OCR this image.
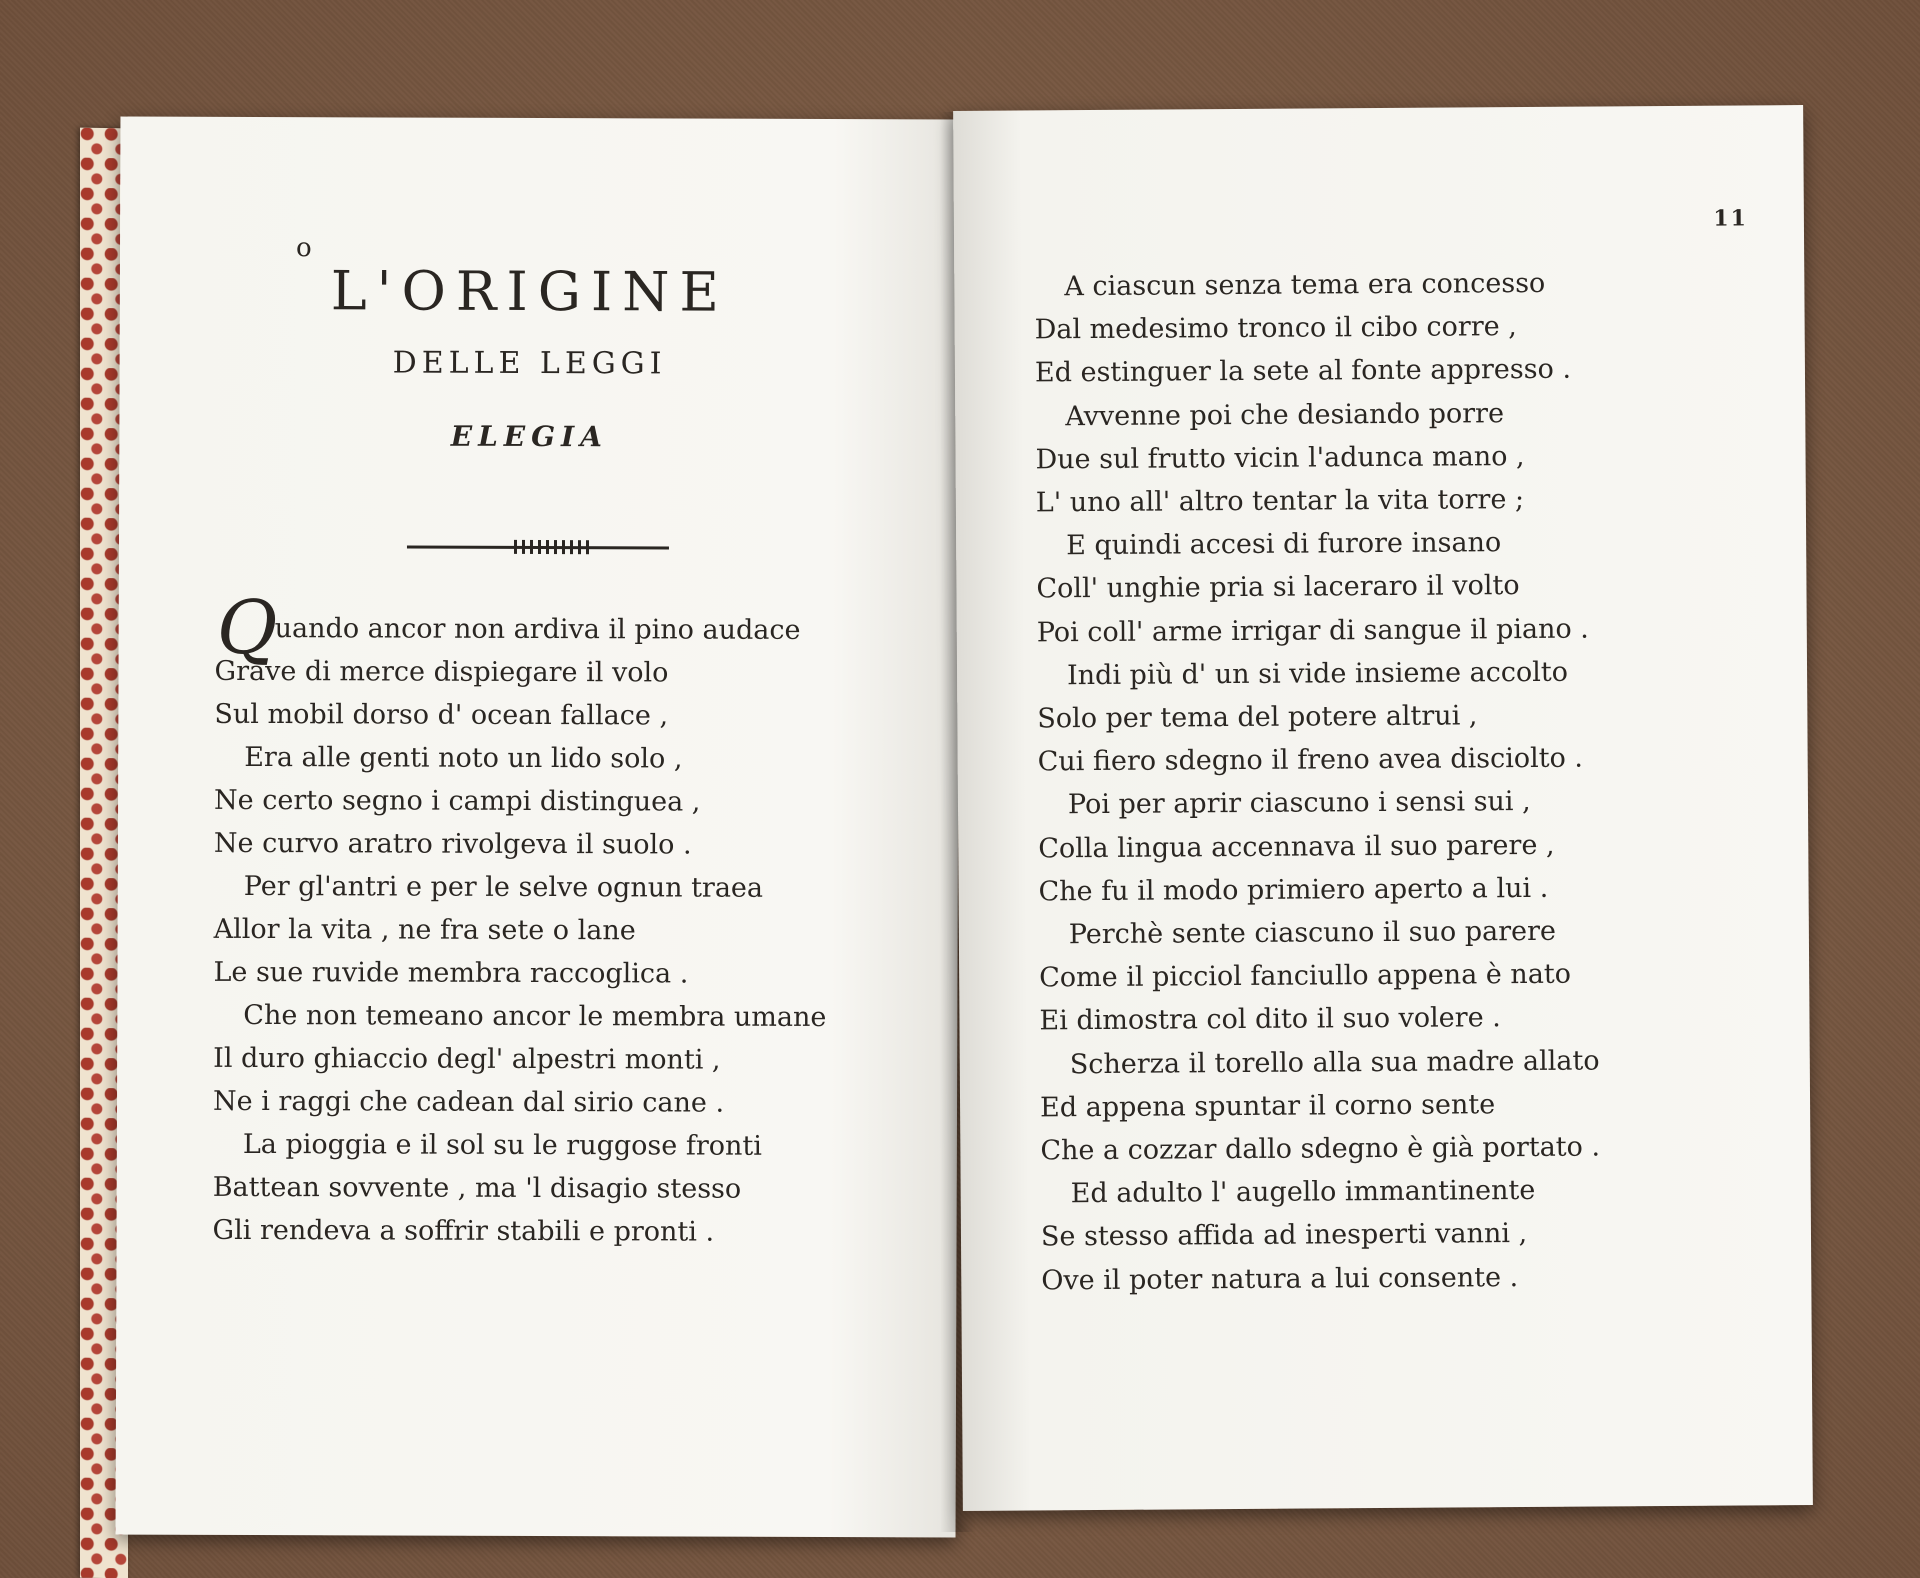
o
L'ORIGINE
DELLE LEGGI
ELEGIA
Q
uando ancor non ardiva il pino audace
Grave di merce dispiegare il volo
Sul mobil dorso d' ocean fallace ,
Era alle genti noto un lido solo ,
Ne certo segno i campi distinguea ,
Ne curvo aratro rivolgeva il suolo .
Per gl'antri e per le selve ognun traea
Allor la vita , ne fra sete o lane
Le sue ruvide membra raccoglica .
Che non temeano ancor le membra umane
Il duro ghiaccio degl' alpestri monti ,
Ne i raggi che cadean dal sirio cane .
La pioggia e il sol su le ruggose fronti
Battean sovvente , ma 'l disagio stesso
Gli rendeva a soffrir stabili e pronti .
11
A ciascun senza tema era concesso
Dal medesimo tronco il cibo corre ,
Ed estinguer la sete al fonte appresso .
Avvenne poi che desiando porre
Due sul frutto vicin l'adunca mano ,
L' uno all' altro tentar la vita torre ;
E quindi accesi di furore insano
Coll' unghie pria si laceraro il volto
Poi coll' arme irrigar di sangue il piano .
Indi più d' un si vide insieme accolto
Solo per tema del potere altrui ,
Cui fiero sdegno il freno avea disciolto .
Poi per aprir ciascuno i sensi sui ,
Colla lingua accennava il suo parere ,
Che fu il modo primiero aperto a lui .
Perchè sente ciascuno il suo parere
Come il picciol fanciullo appena è nato
Ei dimostra col dito il suo volere .
Scherza il torello alla sua madre allato
Ed appena spuntar il corno sente
Che a cozzar dallo sdegno è già portato .
Ed adulto l' augello immantinente
Se stesso affida ad inesperti vanni ,
Ove il poter natura a lui consente .
